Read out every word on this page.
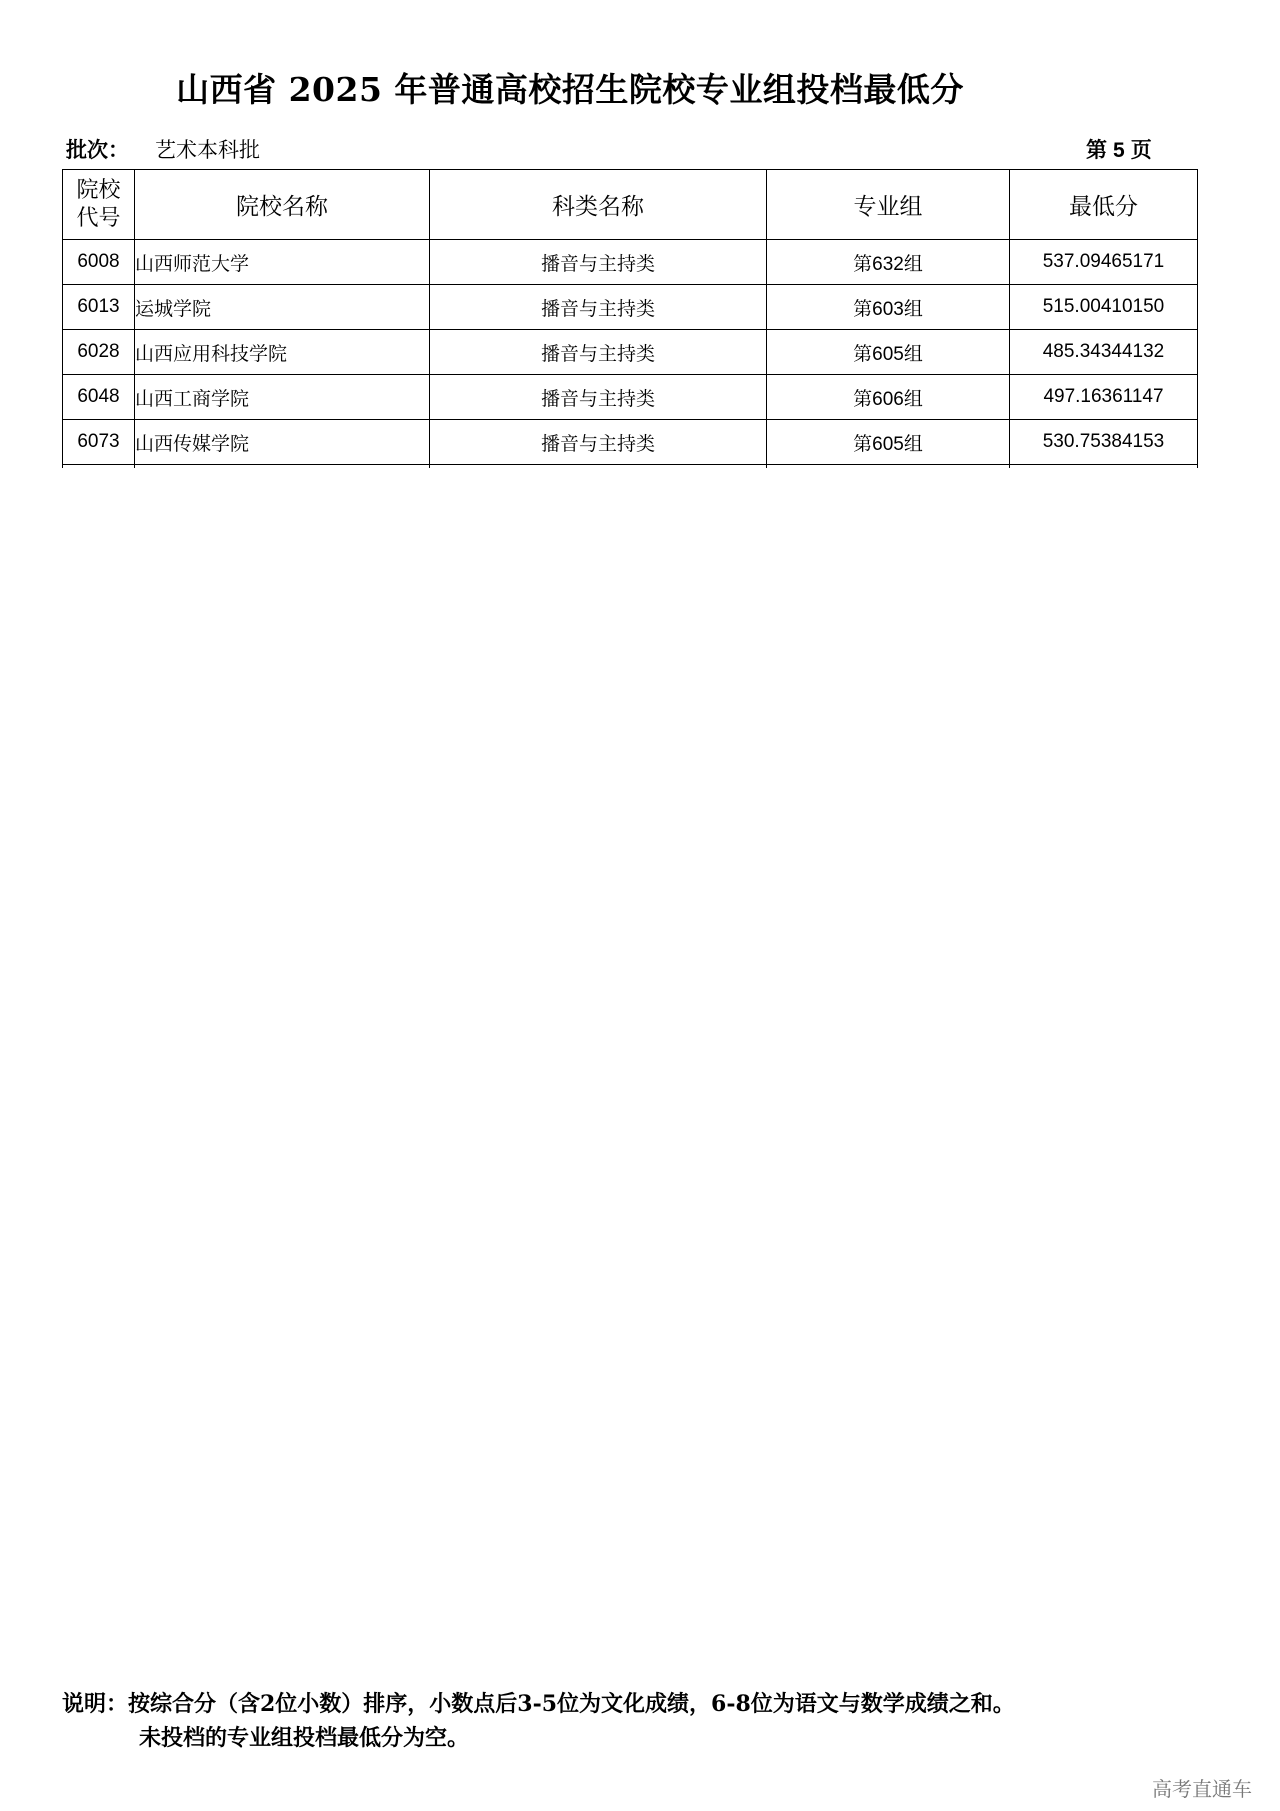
山西省 2025 年普通高校招生院校专业组投档最低分
批次： 艺术本科批	第 5 页
院校
代号	院校名称	科类名称	专业组	最低分
6008	山西师范大学	播音与主持类	第632组	537.09465171
6013	运城学院	播音与主持类	第603组	515.00410150
6028	山西应用科技学院	播音与主持类	第605组	485.34344132
6048	山西工商学院	播音与主持类	第606组	497.16361147
6073	山西传媒学院	播音与主持类	第605组	530.75384153

说明：按综合分（含2位小数）排序，小数点后3-5位为文化成绩，6-8位为语文与数学成绩之和。
未投档的专业组投档最低分为空。
高考直通车
